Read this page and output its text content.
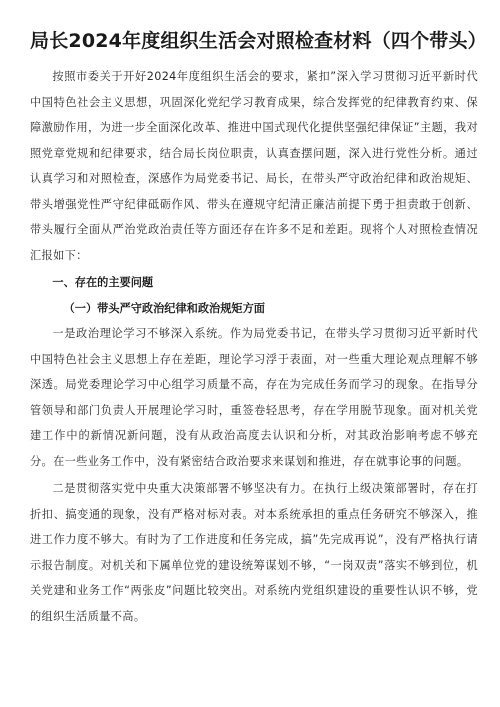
局长2024年度组织生活会对照检查材料（四个带头）

按照市委关于开好2024年度组织生活会的要求，紧扣”深入学习贯彻习近平新时代中国特色社会主义思想，巩固深化党纪学习教育成果，综合发挥党的纪律教育约束、保障激励作用，为进一步全面深化改革、推进中国式现代化提供坚强纪律保证”主题，我对照党章党规和纪律要求，结合局长岗位职责，认真查摆问题，深入进行党性分析。通过认真学习和对照检查，深感作为局党委书记、局长，在带头严守政治纪律和政治规矩、带头增强党性严守纪律砥砺作风、带头在遵规守纪清正廉洁前提下勇于担责敢于创新、带头履行全面从严治党政治责任等方面还存在许多不足和差距。现将个人对照检查情况汇报如下：

一、存在的主要问题

（一）带头严守政治纪律和政治规矩方面

一是政治理论学习不够深入系统。作为局党委书记，在带头学习贯彻习近平新时代中国特色社会主义思想上存在差距，理论学习浮于表面，对一些重大理论观点理解不够深透。局党委理论学习中心组学习质量不高，存在为完成任务而学习的现象。在指导分管领导和部门负责人开展理论学习时，重签卷轻思考，存在学用脱节现象。面对机关党建工作中的新情况新问题，没有从政治高度去认识和分析，对其政治影响考虑不够充分。在一些业务工作中，没有紧密结合政治要求来谋划和推进，存在就事论事的问题。

二是贯彻落实党中央重大决策部署不够坚决有力。在执行上级决策部署时，存在打折扣、搞变通的现象，没有严格对标对表。对本系统承担的重点任务研究不够深入，推进工作力度不够大。有时为了工作进度和任务完成，搞”先完成再说”，没有严格执行请示报告制度。对机关和下属单位党的建设统筹谋划不够，“一岗双责”落实不够到位，机关党建和业务工作“两张皮”问题比较突出。对系统内党组织建设的重要性认识不够，党的组织生活质量不高。
